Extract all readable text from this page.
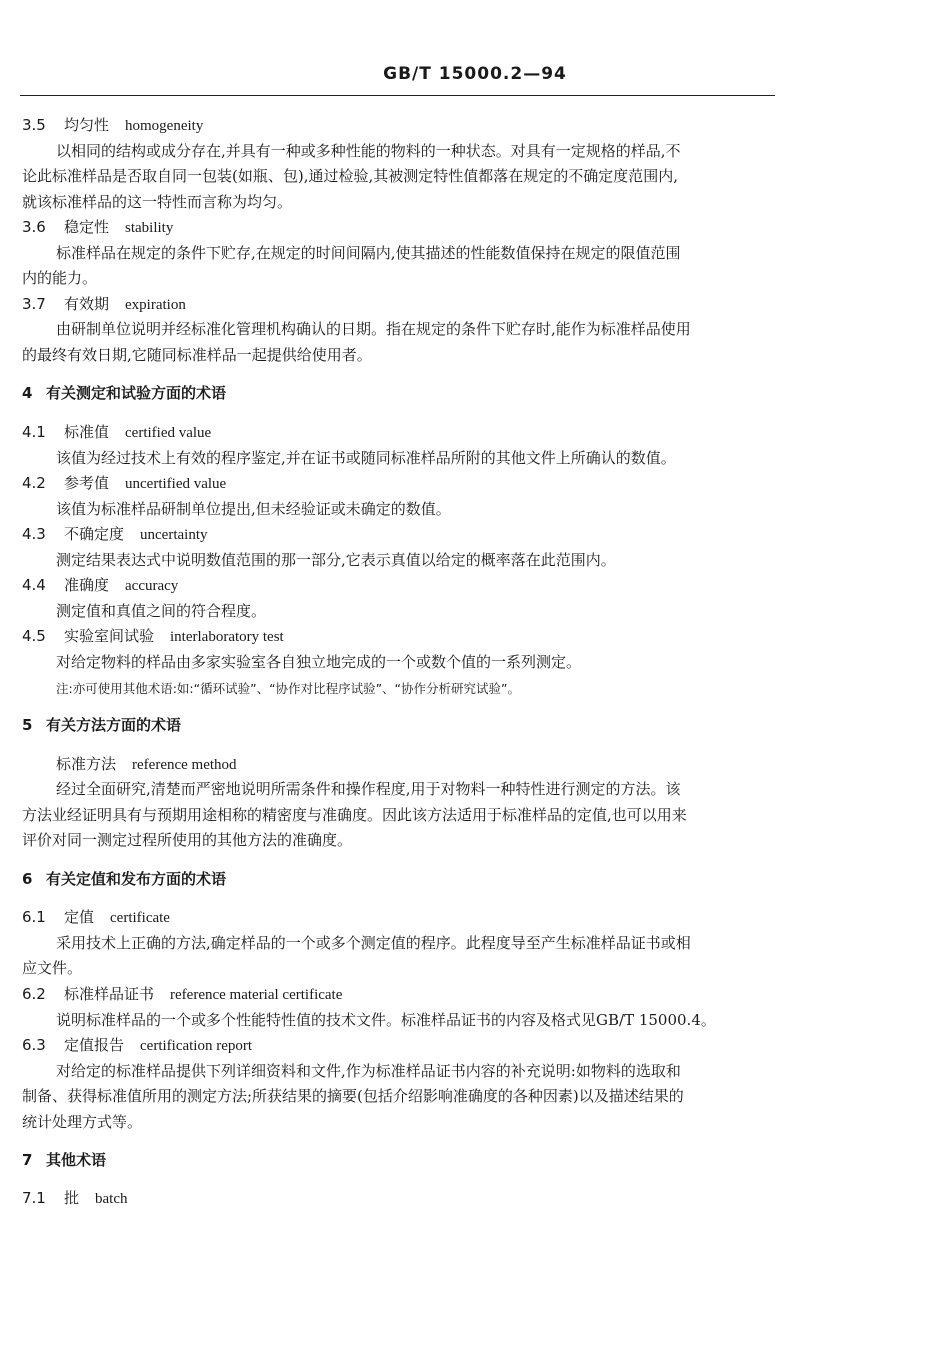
GB/T 15000.2—94
3.5 均匀性 homogeneity
以相同的结构或成分存在,并具有一种或多种性能的物料的一种状态。对具有一定规格的样品,不
论此标准样品是否取自同一包装(如瓶、包),通过检验,其被测定特性值都落在规定的不确定度范围内,
就该标准样品的这一特性而言称为均匀。
3.6 稳定性 stability
标准样品在规定的条件下贮存,在规定的时间间隔内,使其描述的性能数值保持在规定的限值范围
内的能力。
3.7 有效期 expiration
由研制单位说明并经标准化管理机构确认的日期。指在规定的条件下贮存时,能作为标准样品使用
的最终有效日期,它随同标准样品一起提供给使用者。
4 有关测定和试验方面的术语
4.1 标准值 certified value
该值为经过技术上有效的程序鉴定,并在证书或随同标准样品所附的其他文件上所确认的数值。
4.2 参考值 uncertified value
该值为标准样品研制单位提出,但未经验证或未确定的数值。
4.3 不确定度 uncertainty
测定结果表达式中说明数值范围的那一部分,它表示真值以给定的概率落在此范围内。
4.4 准确度 accuracy
测定值和真值之间的符合程度。
4.5 实验室间试验 interlaboratory test
对给定物料的样品由多家实验室各自独立地完成的一个或数个值的一系列测定。
注:亦可使用其他术语:如:“循环试验”、“协作对比程序试验”、“协作分析研究试验”。
5 有关方法方面的术语
标准方法 reference method
经过全面研究,清楚而严密地说明所需条件和操作程度,用于对物料一种特性进行测定的方法。该
方法业经证明具有与预期用途相称的精密度与准确度。因此该方法适用于标准样品的定值,也可以用来
评价对同一测定过程所使用的其他方法的准确度。
6 有关定值和发布方面的术语
6.1 定值 certificate
采用技术上正确的方法,确定样品的一个或多个测定值的程序。此程度导至产生标准样品证书或相
应文件。
6.2 标准样品证书 reference material certificate
说明标准样品的一个或多个性能特性值的技术文件。标准样品证书的内容及格式见GB/T 15000.4。
6.3 定值报告 certification report
对给定的标准样品提供下列详细资料和文件,作为标准样品证书内容的补充说明:如物料的选取和
制备、获得标准值所用的测定方法;所获结果的摘要(包括介绍影响准确度的各种因素)以及描述结果的
统计处理方式等。
7 其他术语
7.1 批 batch
